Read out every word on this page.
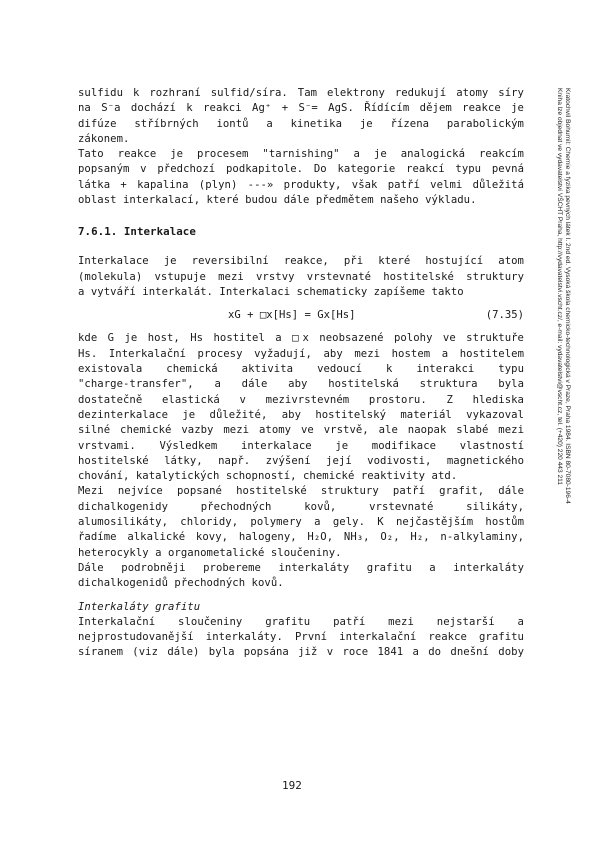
Kratochvíl Bohumil: Chemie a fyzika pevných látek I. 2nd ed. Vysoká škola chemicko-technologická v Praze, Praha 1984. ISBN 80-7080-196-4
Kniha lze objednat ve vydavatelství VŠCHT Praha, http://vydavatelstvi.vscht.cz/, e-mail: vydavatelstvi@vscht.cz, tel. (+420) 220 443 211

sulfidu k rozhraní sulfid/síra. Tam elektrony redukují atomy síry

na S⁻a dochází k reakci Ag⁺ + S⁻= AgS. Řídícím dějem reakce je

difúze stříbrných iontů a kinetika je řízena parabolickým

zákonem.

Tato reakce je procesem "tarnishing" a je analogická reakcím

popsaným v předchozí podkapitole. Do kategorie reakcí typu pevná

látka + kapalina (plyn) ---» produkty, však patří velmi důležitá

oblast interkalací, které budou dále předmětem našeho výkladu.

7.6.1. Interkalace

Interkalace je reversibilní reakce, při které hostující atom

(molekula) vstupuje mezi vrstvy vrstevnaté hostitelské struktury

a vytváří interkalát. Interkalaci schematicky zapíšeme takto

xG + □x[Hs] = Gx[Hs]	(7.35)

kde G je host, Hs hostitel a □x neobsazené polohy ve struktuře

Hs. Interkalační procesy vyžadují, aby mezi hostem a hostitelem

existovala chemická aktivita vedoucí k interakci typu

"charge-transfer", a dále aby hostitelská struktura byla

dostatečně elastická v mezivrstevném prostoru. Z hlediska

dezinterkalace je důležité, aby hostitelský materiál vykazoval

silné chemické vazby mezi atomy ve vrstvě, ale naopak slabé mezi

vrstvami. Výsledkem interkalace je modifikace vlastností

hostitelské látky, např. zvýšení její vodivosti, magnetického

chování, katalytických schopností, chemické reaktivity atd.

Mezi nejvíce popsané hostitelské struktury patří grafit, dále

dichalkogenidy přechodných kovů, vrstevnaté silikáty,

alumosilikáty, chloridy, polymery a gely. K nejčastějším hostům

řadíme alkalické kovy, halogeny, H₂O, NH₃, O₂, H₂, n-alkylaminy,

heterocykly a organometalické sloučeniny.

Dále podrobněji probereme interkaláty grafitu a interkaláty

dichalkogenidů přechodných kovů.

Interkaláty grafitu

Interkalační sloučeniny grafitu patří mezi nejstarší a

nejprostudovanější interkaláty. První interkalační reakce grafitu

síranem (viz dále) byla popsána již v roce 1841 a do dnešní doby

192
